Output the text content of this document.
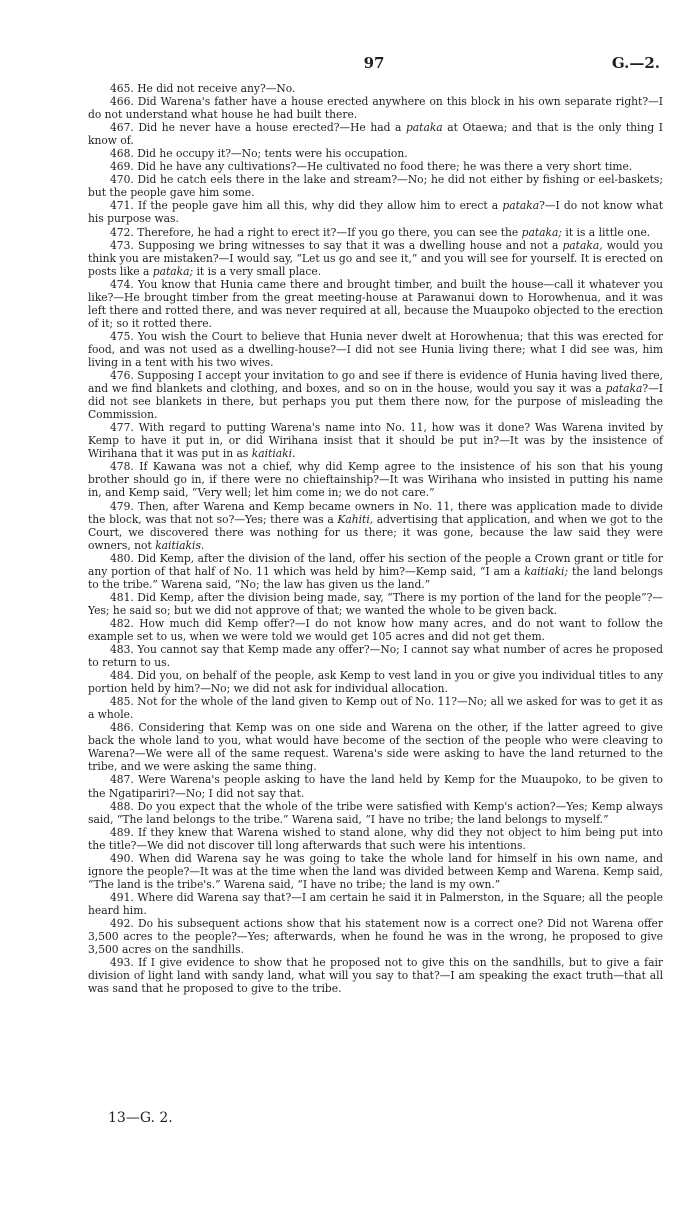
97	G.—2.

465. He did not receive any?—No.

466. Did Warena's father have a house erected anywhere on this block in his own separate right?—I do not understand what house he had built there.

467. Did he never have a house erected?—He had a pataka at Otaewa; and that is the only thing I know of.

468. Did he occupy it?—No; tents were his occupation.

469. Did he have any cultivations?—He cultivated no food there; he was there a very short time.

470. Did he catch eels there in the lake and stream?—No; he did not either by fishing or eel-baskets; but the people gave him some.

471. If the people gave him all this, why did they allow him to erect a pataka?—I do not know what his purpose was.

472. Therefore, he had a right to erect it?—If you go there, you can see the pataka; it is a little one.

473. Supposing we bring witnesses to say that it was a dwelling house and not a pataka, would you think you are mistaken?—I would say, “Let us go and see it,” and you will see for yourself. It is erected on posts like a pataka; it is a very small place.

474. You know that Hunia came there and brought timber, and built the house—call it whatever you like?—He brought timber from the great meeting-house at Parawanui down to Horowhenua, and it was left there and rotted there, and was never required at all, because the Muaupoko objected to the erection of it; so it rotted there.

475. You wish the Court to believe that Hunia never dwelt at Horowhenua; that this was erected for food, and was not used as a dwelling-house?—I did not see Hunia living there; what I did see was, him living in a tent with his two wives.

476. Supposing I accept your invitation to go and see if there is evidence of Hunia having lived there, and we find blankets and clothing, and boxes, and so on in the house, would you say it was a pataka?—I did not see blankets in there, but perhaps you put them there now, for the purpose of misleading the Commission.

477. With regard to putting Warena's name into No. 11, how was it done? Was Warena invited by Kemp to have it put in, or did Wirihana insist that it should be put in?—It was by the insistence of Wirihana that it was put in as kaitiaki.

478. If Kawana was not a chief, why did Kemp agree to the insistence of his son that his young brother should go in, if there were no chieftainship?—It was Wirihana who insisted in putting his name in, and Kemp said, “Very well; let him come in; we do not care.”

479. Then, after Warena and Kemp became owners in No. 11, there was application made to divide the block, was that not so?—Yes; there was a Kahiti, advertising that application, and when we got to the Court, we discovered there was nothing for us there; it was gone, because the law said they were owners, not kaitiakis.

480. Did Kemp, after the division of the land, offer his section of the people a Crown grant or title for any portion of that half of No. 11 which was held by him?—Kemp said, “I am a kaitiaki; the land belongs to the tribe.” Warena said, “No; the law has given us the land.”

481. Did Kemp, after the division being made, say, “There is my portion of the land for the people”?—Yes; he said so; but we did not approve of that; we wanted the whole to be given back.

482. How much did Kemp offer?—I do not know how many acres, and do not want to follow the example set to us, when we were told we would get 105 acres and did not get them.

483. You cannot say that Kemp made any offer?—No; I cannot say what number of acres he proposed to return to us.

484. Did you, on behalf of the people, ask Kemp to vest land in you or give you individual titles to any portion held by him?—No; we did not ask for individual allocation.

485. Not for the whole of the land given to Kemp out of No. 11?—No; all we asked for was to get it as a whole.

486. Considering that Kemp was on one side and Warena on the other, if the latter agreed to give back the whole land to you, what would have become of the section of the people who were cleaving to Warena?—We were all of the same request. Warena's side were asking to have the land returned to the tribe, and we were asking the same thing.

487. Were Warena's people asking to have the land held by Kemp for the Muaupoko, to be given to the Ngatipariri?—No; I did not say that.

488. Do you expect that the whole of the tribe were satisfied with Kemp's action?—Yes; Kemp always said, “The land belongs to the tribe.” Warena said, “I have no tribe; the land belongs to myself.”

489. If they knew that Warena wished to stand alone, why did they not object to him being put into the title?—We did not discover till long afterwards that such were his intentions.

490. When did Warena say he was going to take the whole land for himself in his own name, and ignore the people?—It was at the time when the land was divided between Kemp and Warena. Kemp said, “The land is the tribe's.” Warena said, “I have no tribe; the land is my own.”

491. Where did Warena say that?—I am certain he said it in Palmerston, in the Square; all the people heard him.

492. Do his subsequent actions show that his statement now is a correct one? Did not Warena offer 3,500 acres to the people?—Yes; afterwards, when he found he was in the wrong, he proposed to give 3,500 acres on the sandhills.

493. If I give evidence to show that he proposed not to give this on the sandhills, but to give a fair division of light land with sandy land, what will you say to that?—I am speaking the exact truth—that all was sand that he proposed to give to the tribe.

13—G. 2.
